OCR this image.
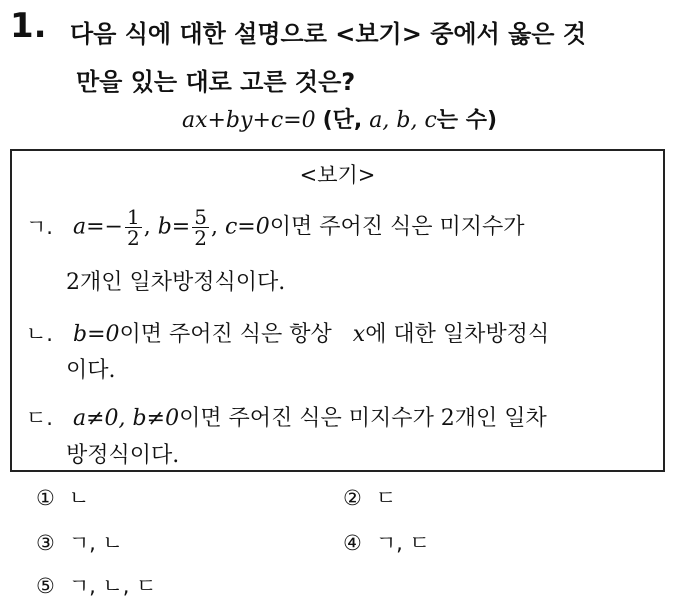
1. 다음 식에 대한 설명으로 <보기> 중에서 옳은 것
만을 있는 대로 고른 것은?
ax+by+c=0 (단, a, b, c는 수)
<보기>
ㄱ. $a=- \frac{1}{2}$ , $b= \frac{5}{2}$ , c=0이면 주어진 식은 미지수가
2개인 일차방정식이다.
ㄴ. b=0이면 주어진 식은 항상 x에 대한 일차방정식
이다.
ㄷ. a≠0, b≠0이면 주어진 식은 미지수가 2개인 일차
방정식이다.
① ㄴ	② ㄷ
③ ㄱ, ㄴ	④ ㄱ, ㄷ
⑤ ㄱ, ㄴ, ㄷ
